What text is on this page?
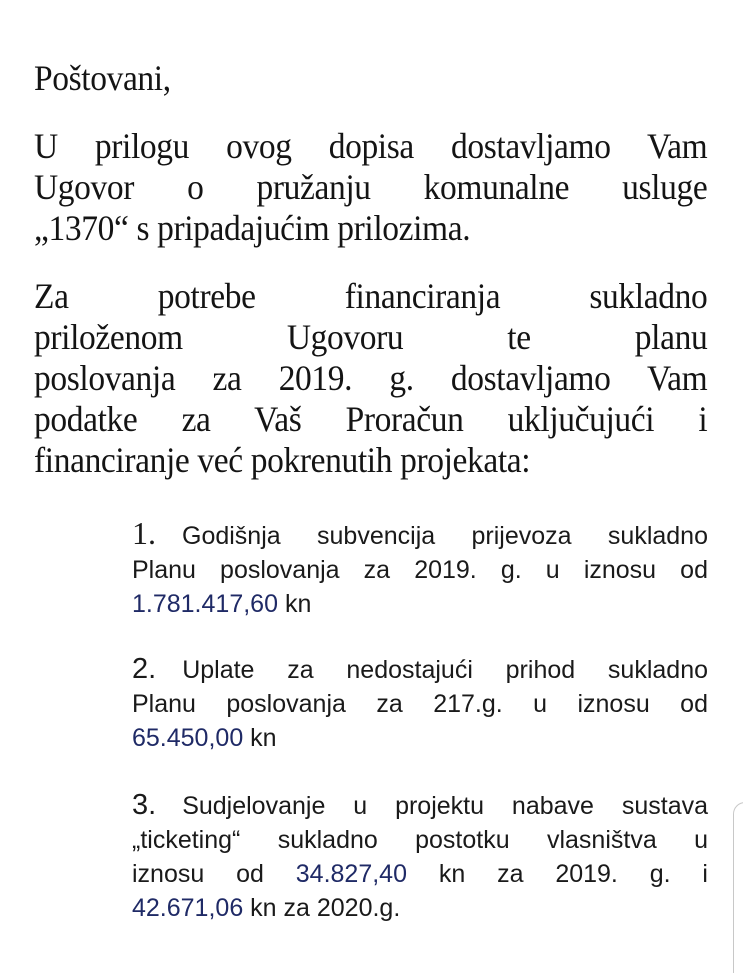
Poštovani,
U prilogu ovog dopisa dostavljamo Vam
Ugovor o pružanju komunalne usluge
„1370“ s pripadajućim prilozima.
Za potrebe financiranja sukladno
priloženom Ugovoru te planu
poslovanja za 2019. g. dostavljamo Vam
podatke za Vaš Proračun uključujući i
financiranje već pokrenutih projekata:
1. Godišnja subvencija prijevoza sukladno
Planu poslovanja za 2019. g. u iznosu od
1.781.417,60 kn
2. Uplate za nedostajući prihod sukladno
Planu poslovanja za 217.g. u iznosu od
65.450,00 kn
3. Sudjelovanje u projektu nabave sustava
„ticketing“ sukladno postotku vlasništva u
iznosu od 34.827,40 kn za 2019. g. i
42.671,06 kn za 2020.g.
